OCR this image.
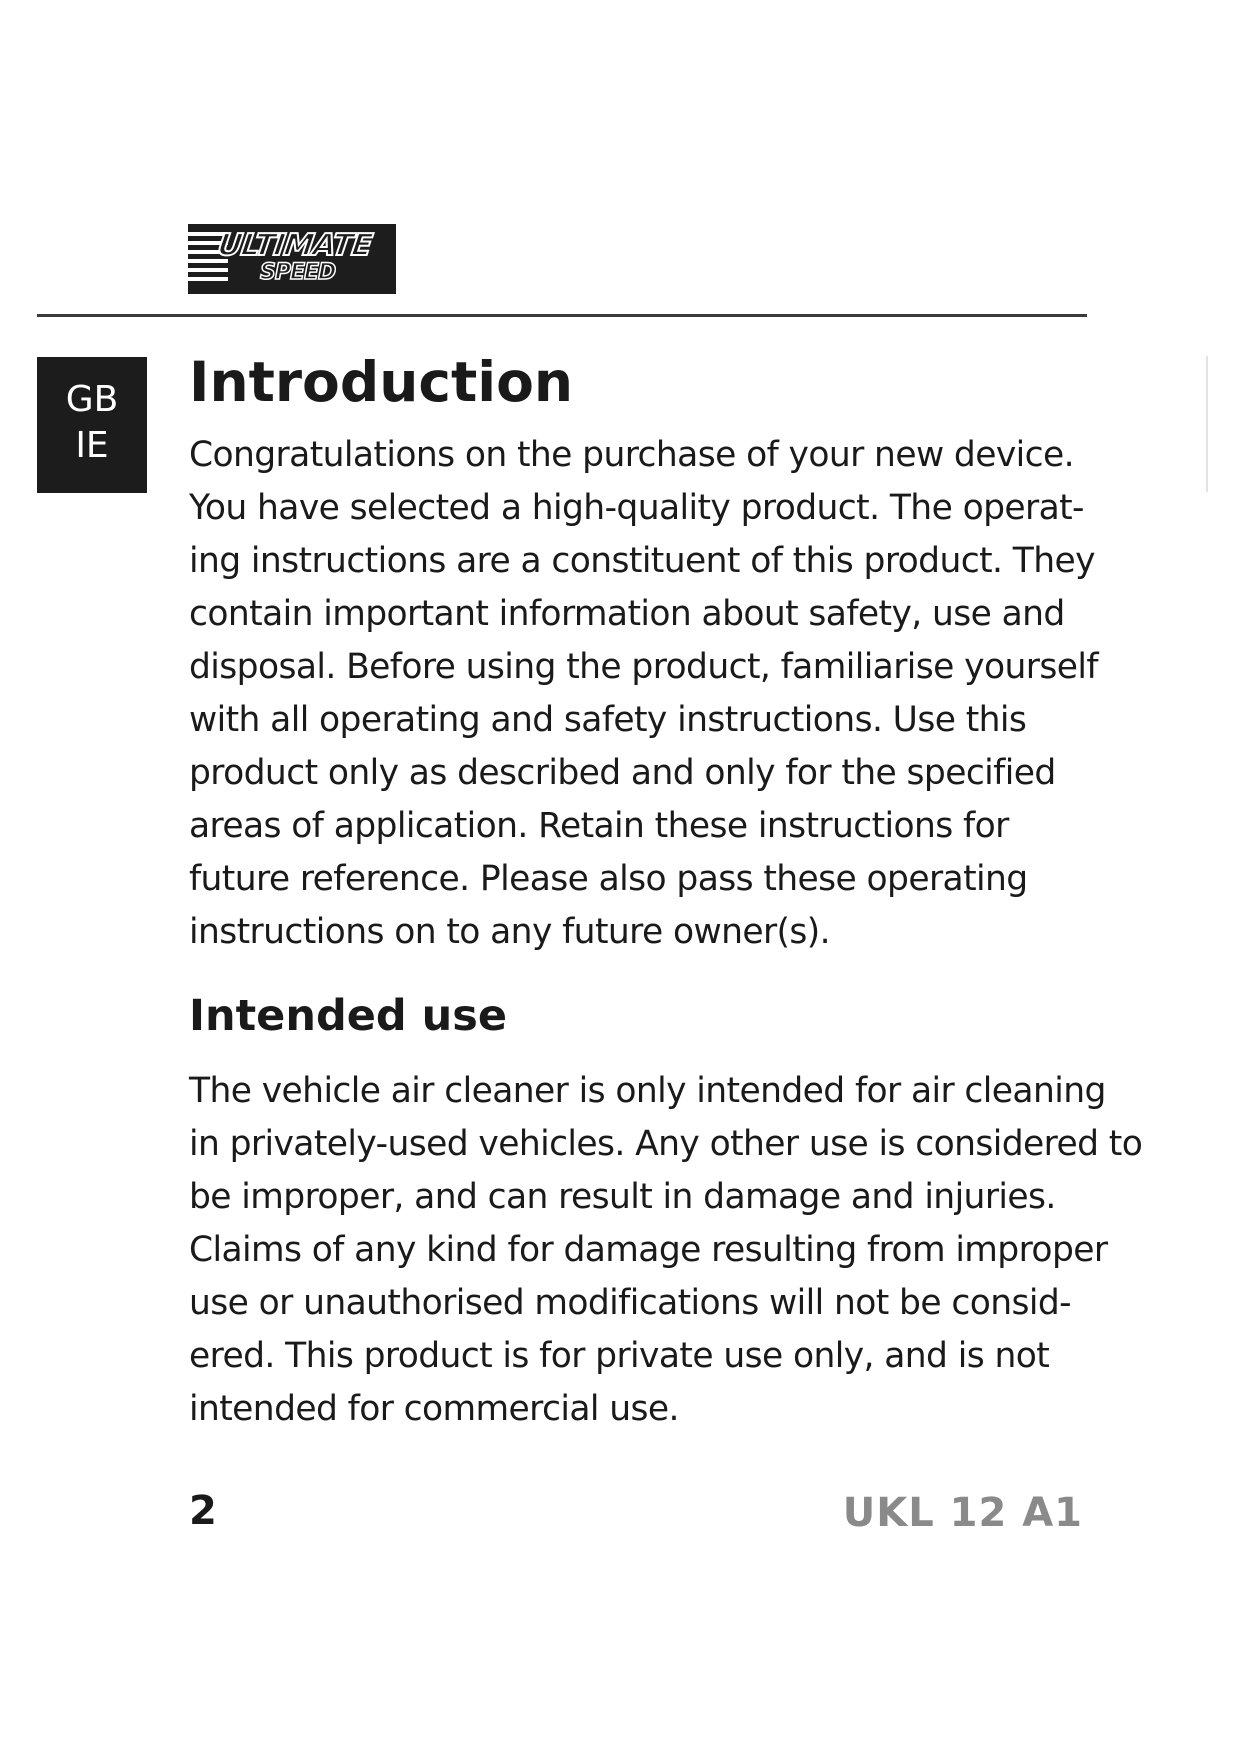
ULTIMATE
SPEED
GB
IE
Introduction
Congratulations on the purchase of your new device.
You have selected a high-quality product. The operat-
ing instructions are a constituent of this product. They
contain important information about safety, use and
disposal. Before using the product, familiarise yourself
with all operating and safety instructions. Use this
product only as described and only for the specified
areas of application. Retain these instructions for
future reference. Please also pass these operating
instructions on to any future owner(s).
Intended use
The vehicle air cleaner is only intended for air cleaning
in privately-used vehicles. Any other use is considered to
be improper, and can result in damage and injuries.
Claims of any kind for damage resulting from improper
use or unauthorised modifications will not be consid-
ered. This product is for private use only, and is not
intended for commercial use.
2	UKL 12 A1
